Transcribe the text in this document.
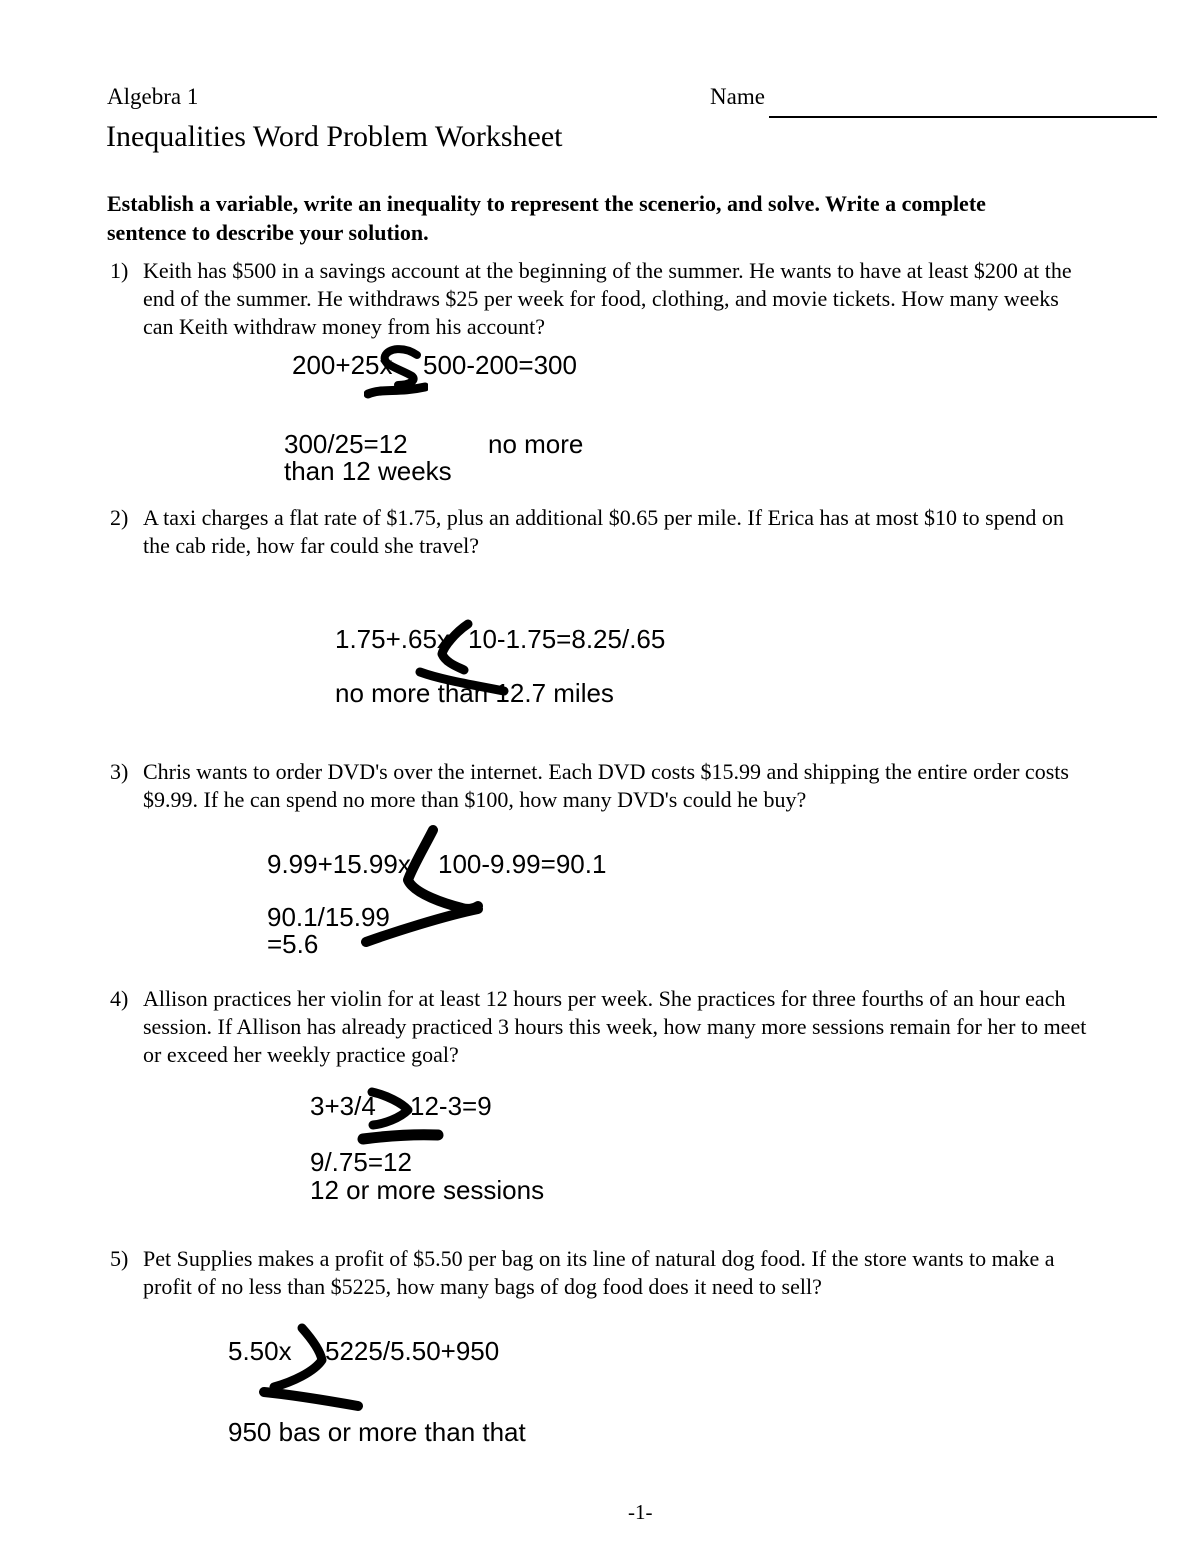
Algebra 1	Name
Inequalities Word Problem Worksheet
Establish a variable, write an inequality to represent the scenerio, and solve. Write a complete
sentence to describe your solution.
1) Keith has $500 in a savings account at the beginning of the summer. He wants to have at least $200 at the
end of the summer. He withdraws $25 per week for food, clothing, and movie tickets. How many weeks
can Keith withdraw money from his account?
200+25x 500-200=300
300/25=12	no more
than 12 weeks
2) A taxi charges a flat rate of $1.75, plus an additional $0.65 per mile. If Erica has at most $10 to spend on
the cab ride, how far could she travel?
1.75+.65x 10-1.75=8.25/.65
no more than 12.7 miles
3) Chris wants to order DVD's over the internet. Each DVD costs $15.99 and shipping the entire order costs
$9.99. If he can spend no more than $100, how many DVD's could he buy?
9.99+15.99x 100-9.99=90.1
90.1/15.99
=5.6
4) Allison practices her violin for at least 12 hours per week. She practices for three fourths of an hour each
session. If Allison has already practiced 3 hours this week, how many more sessions remain for her to meet
or exceed her weekly practice goal?
3+3/4 12-3=9
9/.75=12
12 or more sessions
5) Pet Supplies makes a profit of $5.50 per bag on its line of natural dog food. If the store wants to make a
profit of no less than $5225, how many bags of dog food does it need to sell?
5.50x 5225/5.50+950
950 bas or more than that
-1-
